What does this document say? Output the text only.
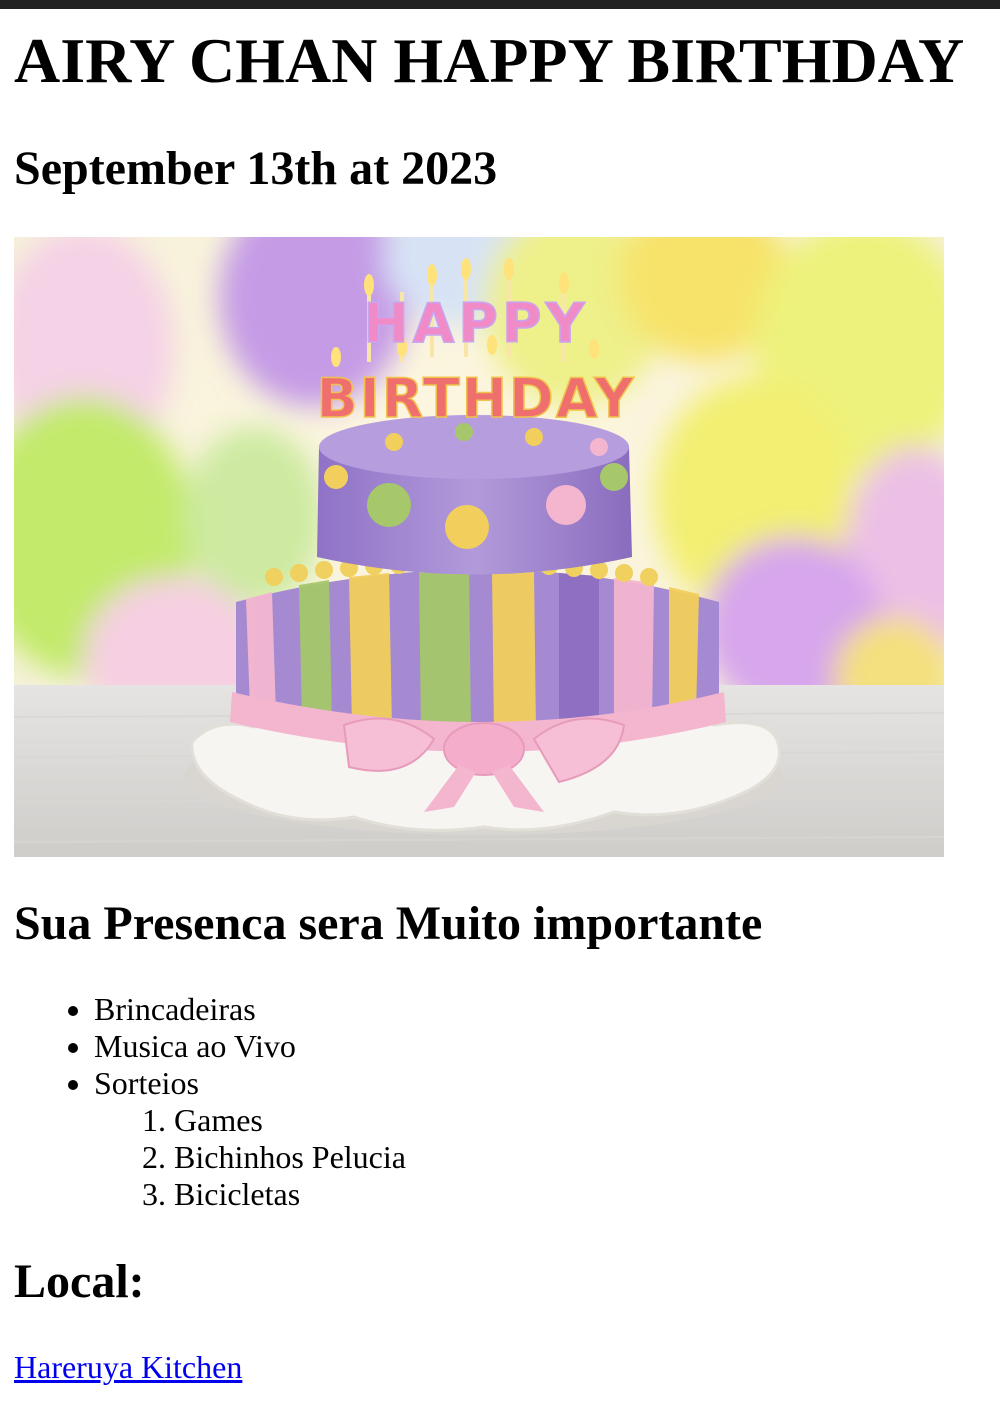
AIRY CHAN HAPPY BIRTHDAY
September 13th at 2023
HAPPY
BIRTHDAY
Sua Presenca sera Muito importante
• Brincadeiras
• Musica ao Vivo
• Sorteios
1. Games
2. Bichinhos Pelucia
3. Bicicletas
Local:
Hareruya Kitchen
